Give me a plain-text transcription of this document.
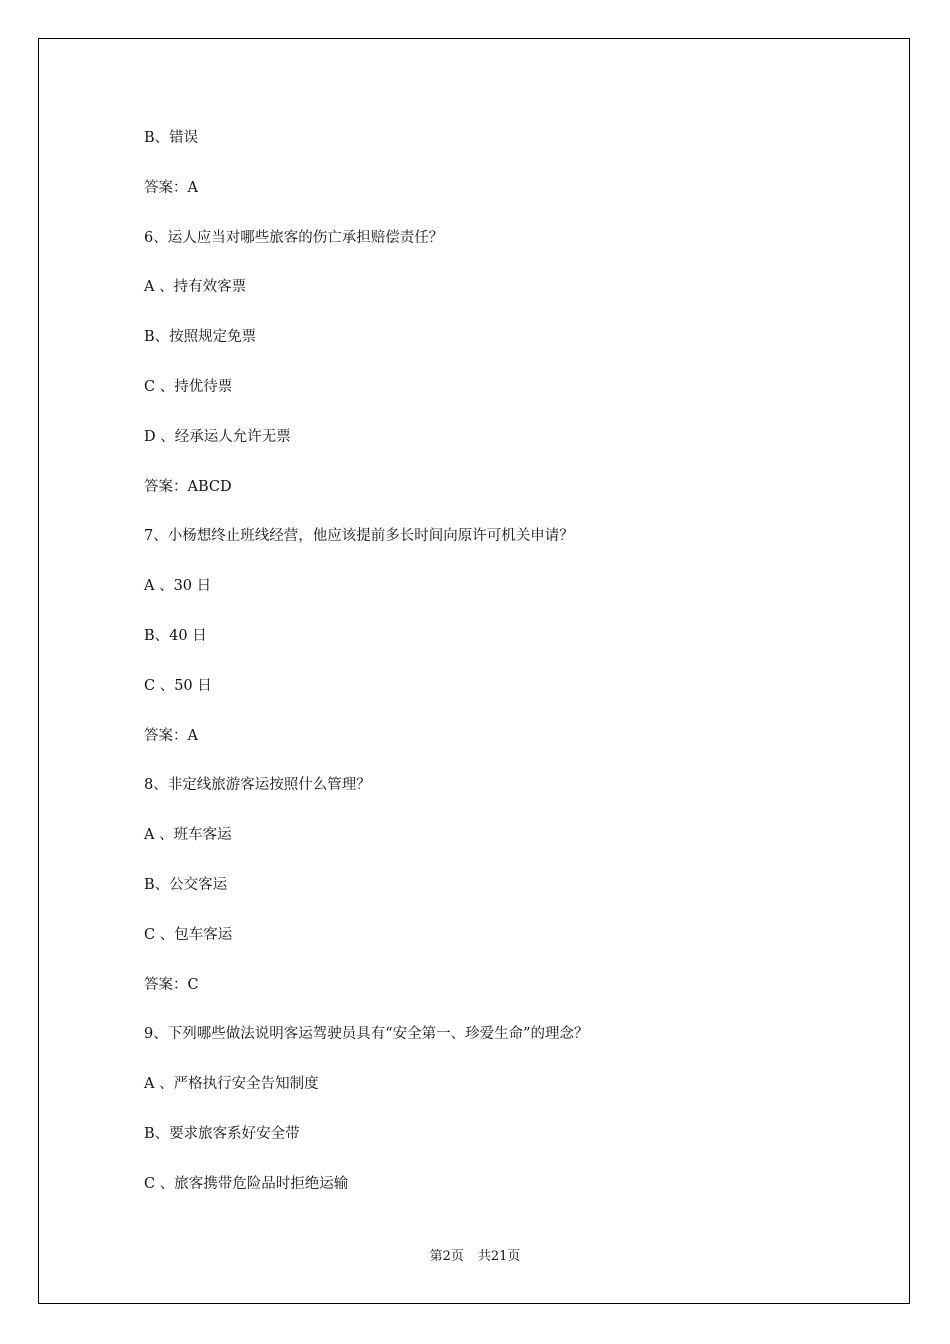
B、错误
答案：A
6、运人应当对哪些旅客的伤亡承担赔偿责任？
A 、持有效客票
B、按照规定免票
C 、持优待票
D 、经承运人允许无票
答案：ABCD
7、小杨想终止班线经营，他应该提前多长时间向原许可机关申请？
A 、30 日
B、40 日
C 、50 日
答案：A
8、非定线旅游客运按照什么管理？
A 、班车客运
B、公交客运
C 、包车客运
答案：C
9、下列哪些做法说明客运驾驶员具有“安全第一、珍爱生命”的理念？
A 、严格执行安全告知制度
B、要求旅客系好安全带
C 、旅客携带危险品时拒绝运输
第2页 共21页
